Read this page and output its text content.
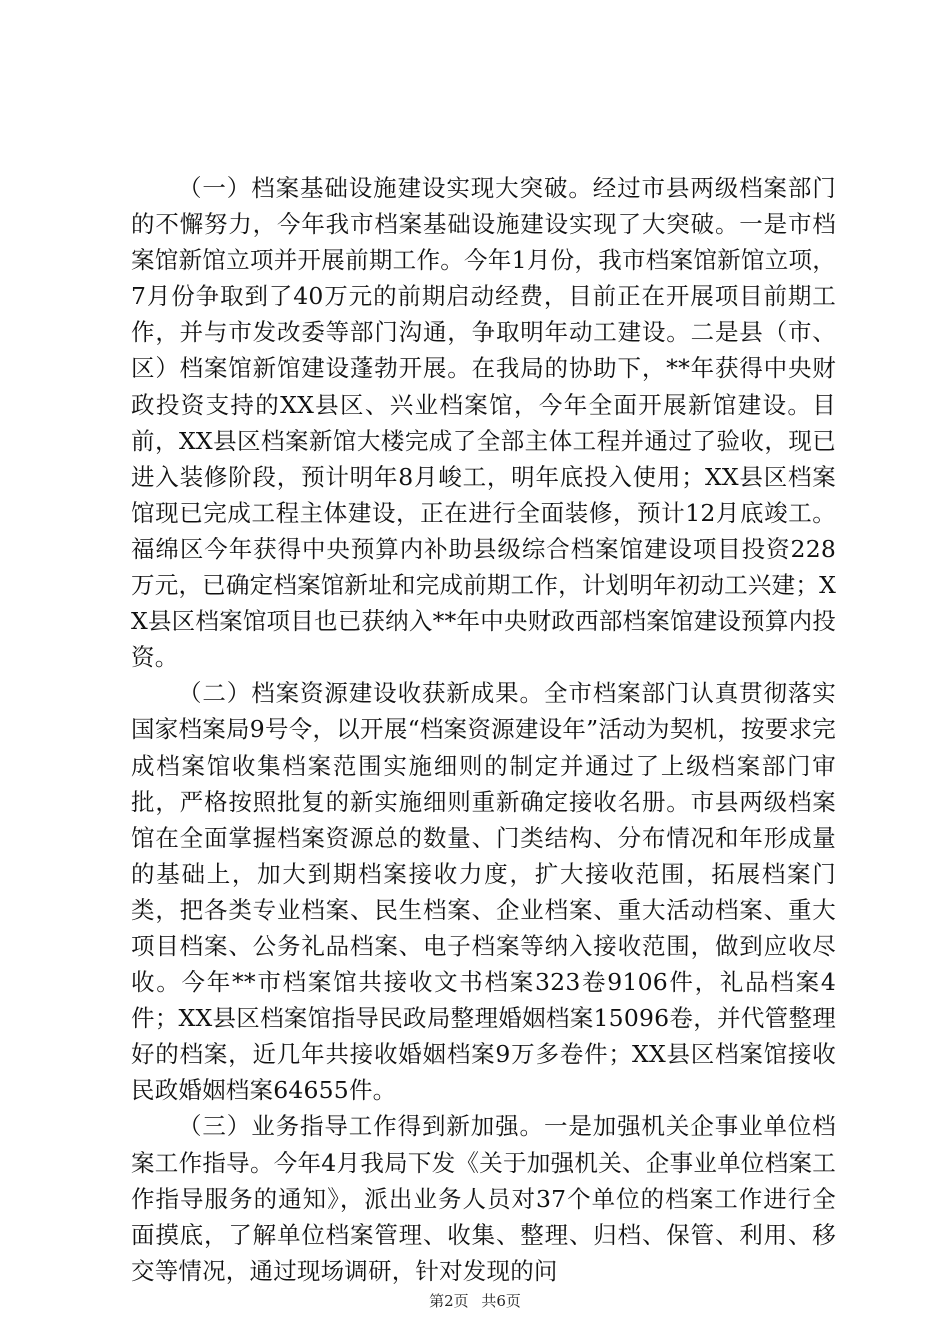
（一）档案基础设施建设实现大突破。经过市县两级档案部门的不懈努力，今年我市档案基础设施建设实现了大突破。一是市档案馆新馆立项并开展前期工作。今年1月份，我市档案馆新馆立项，7月份争取到了40万元的前期启动经费，目前正在开展项目前期工作，并与市发改委等部门沟通，争取明年动工建设。二是县（市、区）档案馆新馆建设蓬勃开展。在我局的协助下，**年获得中央财政投资支持的XX县区、兴业档案馆，今年全面开展新馆建设。目前，XX县区档案新馆大楼完成了全部主体工程并通过了验收，现已进入装修阶段，预计明年8月峻工，明年底投入使用；XX县区档案馆现已完成工程主体建设，正在进行全面装修，预计12月底竣工。福绵区今年获得中央预算内补助县级综合档案馆建设项目投资228万元，已确定档案馆新址和完成前期工作，计划明年初动工兴建；XX县区档案馆项目也已获纳入**年中央财政西部档案馆建设预算内投资。

（二）档案资源建设收获新成果。全市档案部门认真贯彻落实国家档案局9号令，以开展“档案资源建设年”活动为契机，按要求完成档案馆收集档案范围实施细则的制定并通过了上级档案部门审批，严格按照批复的新实施细则重新确定接收名册。市县两级档案馆在全面掌握档案资源总的数量、门类结构、分布情况和年形成量的基础上，加大到期档案接收力度，扩大接收范围，拓展档案门类，把各类专业档案、民生档案、企业档案、重大活动档案、重大项目档案、公务礼品档案、电子档案等纳入接收范围，做到应收尽收。今年**市档案馆共接收文书档案323卷9106件，礼品档案4件；XX县区档案馆指导民政局整理婚姻档案15096卷，并代管整理好的档案，近几年共接收婚姻档案9万多卷件；XX县区档案馆接收民政婚姻档案64655件。

（三）业务指导工作得到新加强。一是加强机关企事业单位档案工作指导。今年4月我局下发《关于加强机关、企事业单位档案工作指导服务的通知》，派出业务人员对37个单位的档案工作进行全面摸底，了解单位档案管理、收集、整理、归档、保管、利用、移交等情况，通过现场调研，针对发现的问

第2页 共6页
